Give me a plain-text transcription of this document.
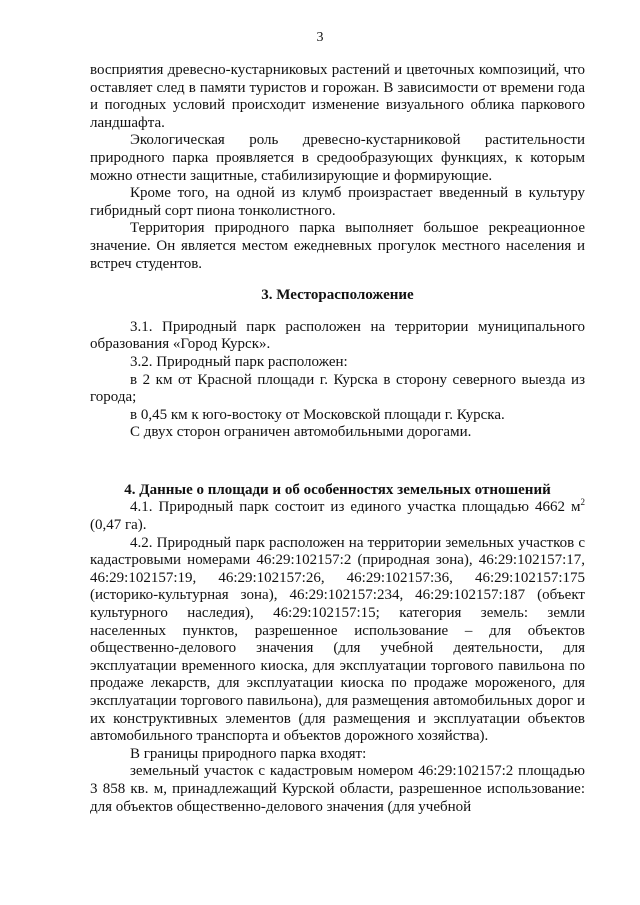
3

восприятия древесно-кустарниковых растений и цветочных композиций, что оставляет след в памяти туристов и горожан. В зависимости от времени года и погодных условий происходит изменение визуального облика паркового ландшафта.

Экологическая роль древесно-кустарниковой растительности природного парка проявляется в средообразующих функциях, к которым можно отнести защитные, стабилизирующие и формирующие.

Кроме того, на одной из клумб произрастает введенный в культуру гибридный сорт пиона тонколистного.

Территория природного парка выполняет большое рекреационное значение. Он является местом ежедневных прогулок местного населения и встреч студентов.

3. Месторасположение

3.1. Природный парк расположен на территории муниципального образования «Город Курск».

3.2. Природный парк расположен:

в 2 км от Красной площади г. Курска в сторону северного выезда из города;

в 0,45 км к юго-востоку от Московской площади г. Курска.

С двух сторон ограничен автомобильными дорогами.

4. Данные о площади и об особенностях земельных отношений

4.1. Природный парк состоит из единого участка площадью 4662 $м^2$ (0,47 га).

4.2. Природный парк расположен на территории земельных участков с кадастровыми номерами 46:29:102157:2 (природная зона), 46:29:102157:17, 46:29:102157:19, 46:29:102157:26, 46:29:102157:36, 46:29:102157:175 (историко-культурная зона), 46:29:102157:234, 46:29:102157:187 (объект культурного наследия), 46:29:102157:15; категория земель: земли населенных пунктов, разрешенное использование – для объектов общественно-делового значения (для учебной деятельности, для эксплуатации временного киоска, для эксплуатации торгового павильона по продаже лекарств, для эксплуатации киоска по продаже мороженого, для эксплуатации торгового павильона), для размещения автомобильных дорог и их конструктивных элементов (для размещения и эксплуатации объектов автомобильного транспорта и объектов дорожного хозяйства).

В границы природного парка входят:

земельный участок с кадастровым номером 46:29:102157:2 площадью 3 858 кв. м, принадлежащий Курской области, разрешенное использование: для объектов общественно-делового значения (для учебной
